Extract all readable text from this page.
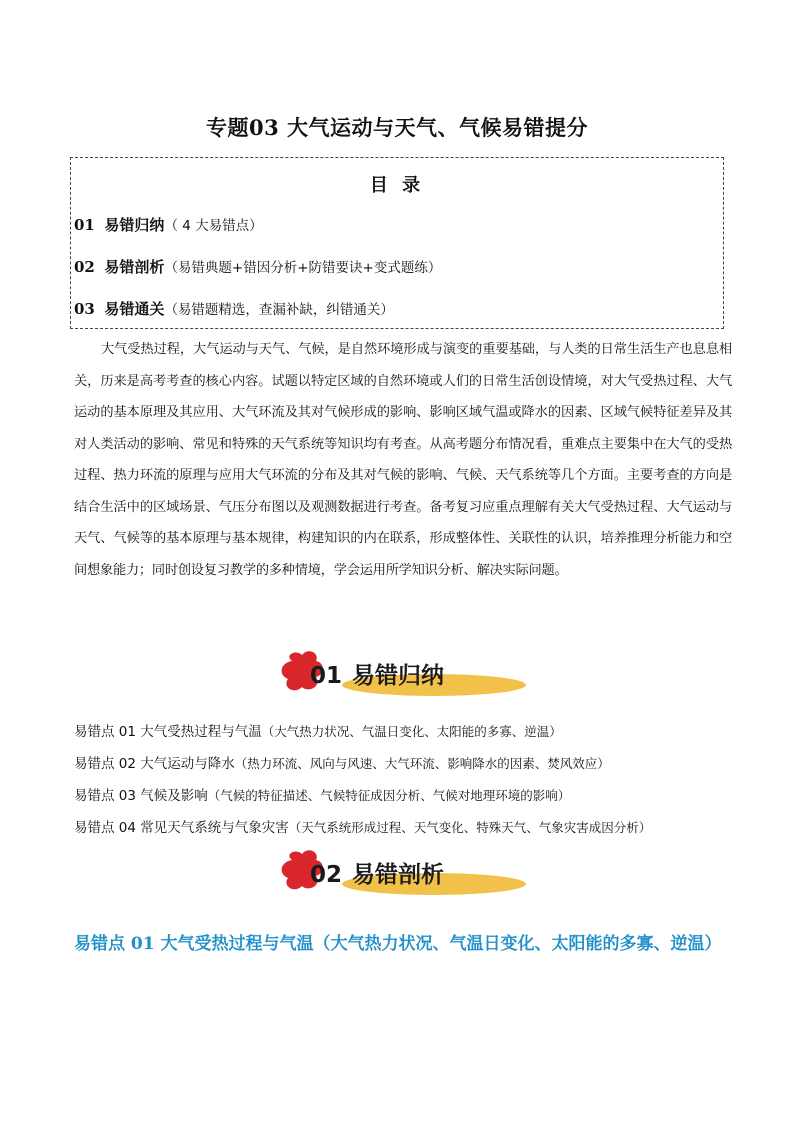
专题03 大气运动与天气、气候易错提分
目 录
01 易错归纳（ 4 大易错点）
02 易错剖析（易错典题+错因分析+防错要诀+变式题练）
03 易错通关（易错题精选，查漏补缺，纠错通关）
大气受热过程，大气运动与天气、气候，是自然环境形成与演变的重要基础，与人类的日常生活生产也息息相关，历来是高考考查的核心内容。试题以特定区域的自然环境或人们的日常生活创设情境，对大气受热过程、大气运动的基本原理及其应用、大气环流及其对气候形成的影响、影响区域气温或降水的因素、区域气候特征差异及其对人类活动的影响、常见和特殊的天气系统等知识均有考查。从高考题分布情况看，重难点主要集中在大气的受热过程、热力环流的原理与应用大气环流的分布及其对气候的影响、气候、天气系统等几个方面。主要考查的方向是结合生活中的区域场景、气压分布图以及观测数据进行考查。备考复习应重点理解有关大气受热过程、大气运动与天气、气候等的基本原理与基本规律，构建知识的内在联系，形成整体性、关联性的认识，培养推理分析能力和空间想象能力；同时创设复习教学的多种情境，学会运用所学知识分析、解决实际问题。
01 易错归纳
易错点 01 大气受热过程与气温（大气热力状况、气温日变化、太阳能的多寡、逆温）
易错点 02 大气运动与降水（热力环流、风向与风速、大气环流、影响降水的因素、焚风效应）
易错点 03 气候及影响（气候的特征描述、气候特征成因分析、气候对地理环境的影响）
易错点 04 常见天气系统与气象灾害（天气系统形成过程、天气变化、特殊天气、气象灾害成因分析）
02 易错剖析
易错点 01 大气受热过程与气温（大气热力状况、气温日变化、太阳能的多寡、逆温）
